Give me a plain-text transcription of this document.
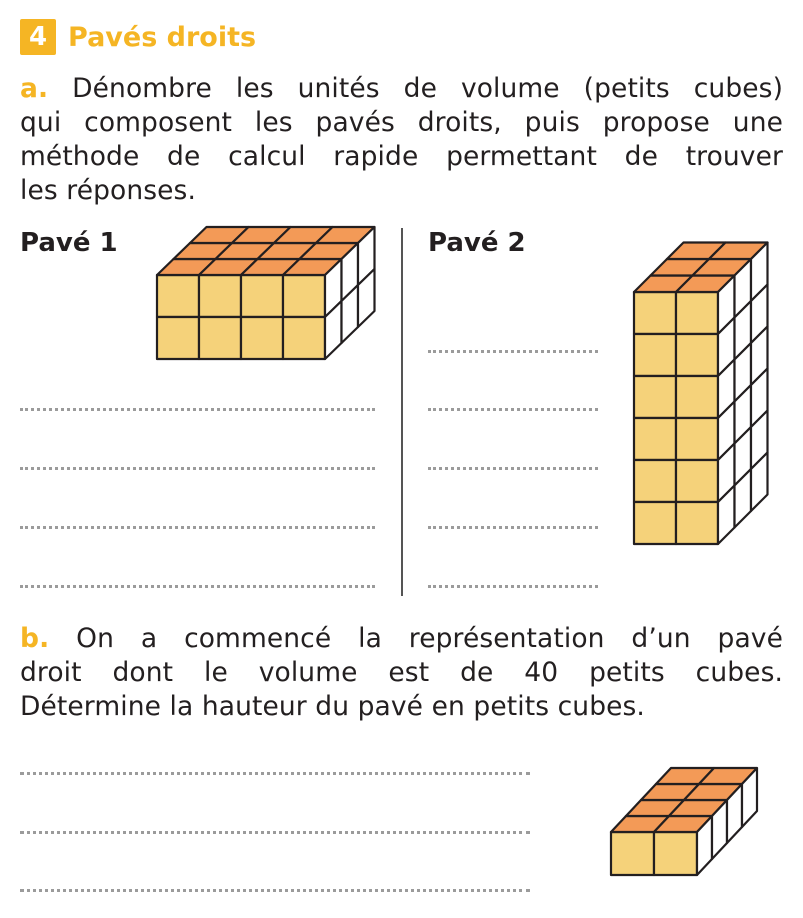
4 Pavés droits
a. Dénombre les unités de volume (petits cubes)
qui composent les pavés droits, puis propose une
méthode de calcul rapide permettant de trouver
les réponses.
Pavé 1	Pavé 2
b. On a commencé la représentation d’un pavé
droit dont le volume est de 40 petits cubes.
Détermine la hauteur du pavé en petits cubes.
